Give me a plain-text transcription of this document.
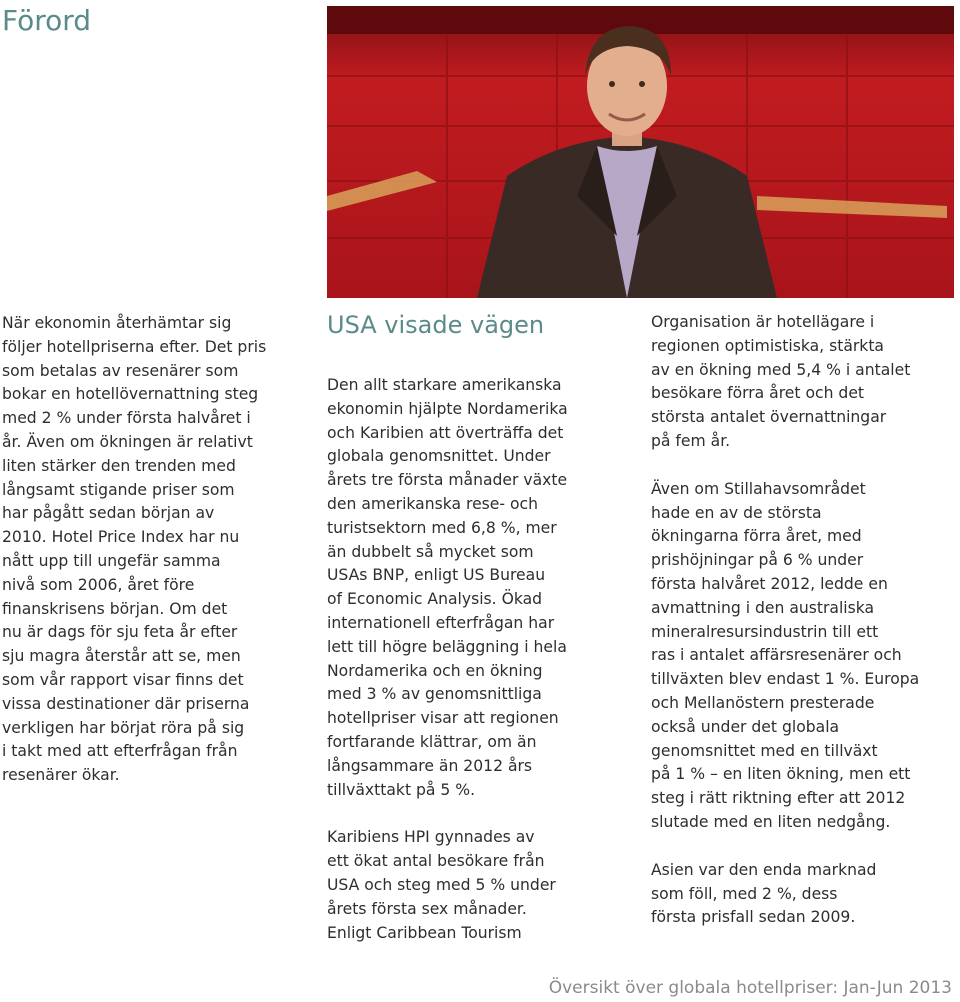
Förord

När ekonomin återhämtar sig
följer hotellpriserna efter. Det pris
som betalas av resenärer som
bokar en hotellövernattning steg
med 2 % under första halvåret i
år. Även om ökningen är relativt
liten stärker den trenden med
långsamt stigande priser som
har pågått sedan början av
2010. Hotel Price Index har nu
nått upp till ungefär samma
nivå som 2006, året före
finanskrisens början. Om det
nu är dags för sju feta år efter
sju magra återstår att se, men
som vår rapport visar finns det
vissa destinationer där priserna
verkligen har börjat röra på sig
i takt med att efterfrågan från
resenärer ökar.

USA visade vägen

Den allt starkare amerikanska
ekonomin hjälpte Nordamerika
och Karibien att överträffa det
globala genomsnittet. Under
årets tre första månader växte
den amerikanska rese- och
turistsektorn med 6,8 %, mer
än dubbelt så mycket som
USAs BNP, enligt US Bureau
of Economic Analysis. Ökad
internationell efterfrågan har
lett till högre beläggning i hela
Nordamerika och en ökning
med 3 % av genomsnittliga
hotellpriser visar att regionen
fortfarande klättrar, om än
långsammare än 2012 års
tillväxttakt på 5 %.

Karibiens HPI gynnades av
ett ökat antal besökare från
USA och steg med 5 % under
årets första sex månader.
Enligt Caribbean Tourism

Organisation är hotellägare i
regionen optimistiska, stärkta
av en ökning med 5,4 % i antalet
besökare förra året och det
största antalet övernattningar
på fem år.

Även om Stillahavsområdet
hade en av de största
ökningarna förra året, med
prishöjningar på 6 % under
första halvåret 2012, ledde en
avmattning i den australiska
mineralresursindustrin till ett
ras i antalet affärsresenärer och
tillväxten blev endast 1 %. Europa
och Mellanöstern presterade
också under det globala
genomsnittet med en tillväxt
på 1 % – en liten ökning, men ett
steg i rätt riktning efter att 2012
slutade med en liten nedgång.

Asien var den enda marknad
som föll, med 2 %, dess
första prisfall sedan 2009.

Översikt över globala hotellpriser: Jan-Jun 2013
